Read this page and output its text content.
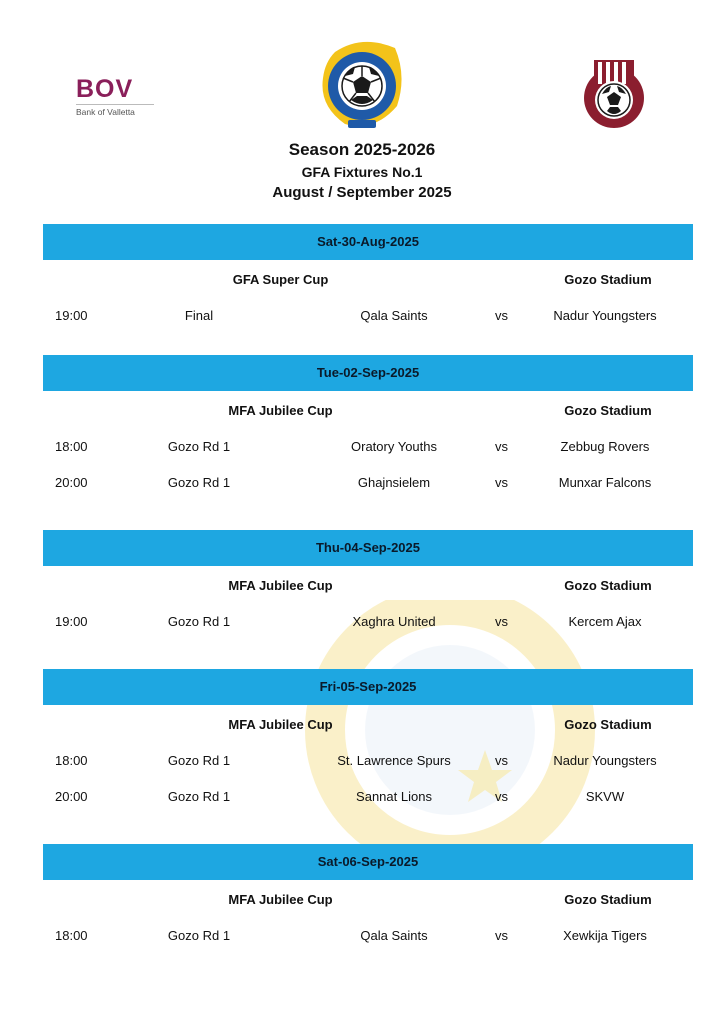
BOV
Bank of Valletta
Season 2025-2026
GFA Fixtures No.1
August / September 2025
Sat-30-Aug-2025
GFA Super Cup	Gozo Stadium
19:00	Final	Qala Saints	vs	Nadur Youngsters
Tue-02-Sep-2025
MFA Jubilee Cup	Gozo Stadium
18:00	Gozo Rd 1	Oratory Youths	vs	Zebbug Rovers
20:00	Gozo Rd 1	Ghajnsielem	vs	Munxar Falcons
Thu-04-Sep-2025
MFA Jubilee Cup	Gozo Stadium
19:00	Gozo Rd 1	Xaghra United	vs	Kercem Ajax
Fri-05-Sep-2025
MFA Jubilee Cup	Gozo Stadium
18:00	Gozo Rd 1	St. Lawrence Spurs	vs	Nadur Youngsters
20:00	Gozo Rd 1	Sannat Lions	vs	SKVW
Sat-06-Sep-2025
MFA Jubilee Cup	Gozo Stadium
18:00	Gozo Rd 1	Qala Saints	vs	Xewkija Tigers
